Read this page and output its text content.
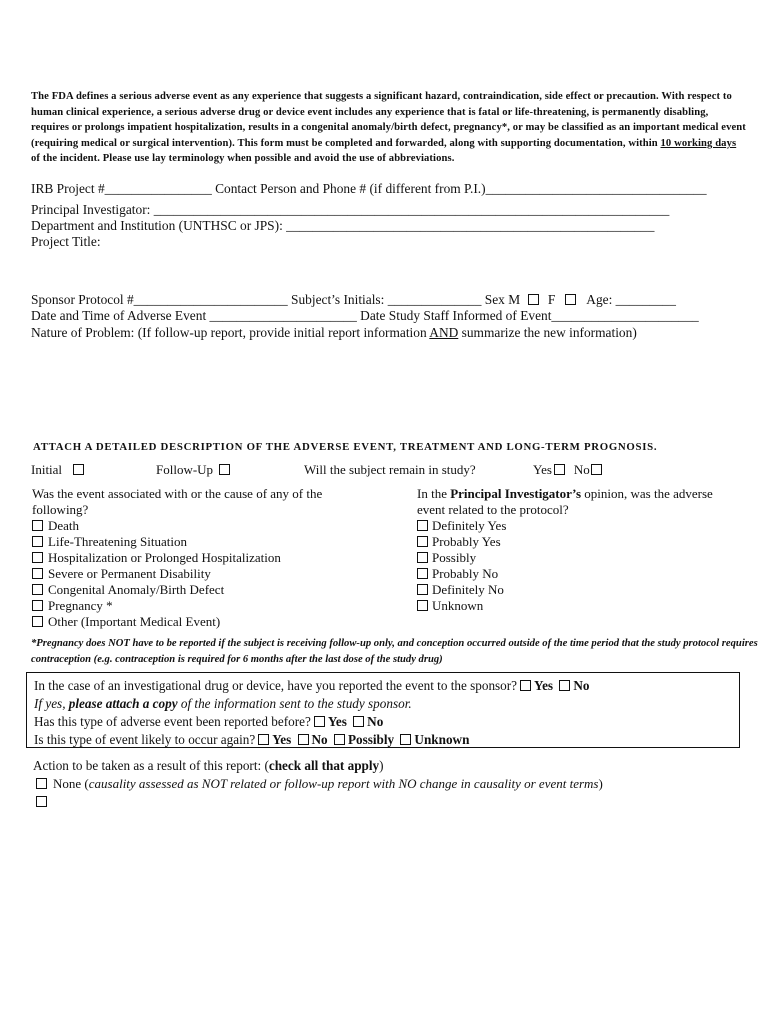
The FDA defines a serious adverse event as any experience that suggests a significant hazard, contraindication, side effect or precaution. With respect to human clinical experience, a serious adverse drug or device event includes any experience that is fatal or life-threatening, is permanently disabling, requires or prolongs impatient hospitalization, results in a congenital anomaly/birth defect, pregnancy*, or may be classified as an important medical event (requiring medical or surgical intervention). This form must be completed and forwarded, along with supporting documentation, within 10 working days of the incident. Please use lay terminology when possible and avoid the use of abbreviations.
IRB Project #________________ Contact Person and Phone # (if different from P.I.)_________________________________
Principal Investigator: _____________________________________________________________________________
Department and Institution (UNTHSC or JPS): _______________________________________________________
Project Title:
Sponsor Protocol #_______________________ Subject’s Initials: ______________ Sex M F Age: _________
Date and Time of Adverse Event ______________________ Date Study Staff Informed of Event______________________
Nature of Problem: (If follow-up report, provide initial report information AND summarize the new information)
ATTACH A DETAILED DESCRIPTION OF THE ADVERSE EVENT, TREATMENT AND LONG-TERM PROGNOSIS.
Initial	Follow-Up	Will the subject remain in study?	Yes No
Was the event associated with or the cause of any of the
following?
Death
Life-Threatening Situation
Hospitalization or Prolonged Hospitalization
Severe or Permanent Disability
Congenital Anomaly/Birth Defect
Pregnancy *
Other (Important Medical Event)
In the Principal Investigator’s opinion, was the adverse
event related to the protocol?
Definitely Yes
Probably Yes
Possibly
Probably No
Definitely No
Unknown
*Pregnancy does NOT have to be reported if the subject is receiving follow-up only, and conception occurred outside of the time period that the study protocol requires contraception (e.g. contraception is required for 6 months after the last dose of the study drug)
In the case of an investigational drug or device, have you reported the event to the sponsor? Yes No
If yes, please attach a copy of the information sent to the study sponsor.
Has this type of adverse event been reported before? Yes No
Is this type of event likely to occur again? Yes No Possibly Unknown
Action to be taken as a result of this report: (check all that apply)
None (causality assessed as NOT related or follow-up report with NO change in causality or event terms)
